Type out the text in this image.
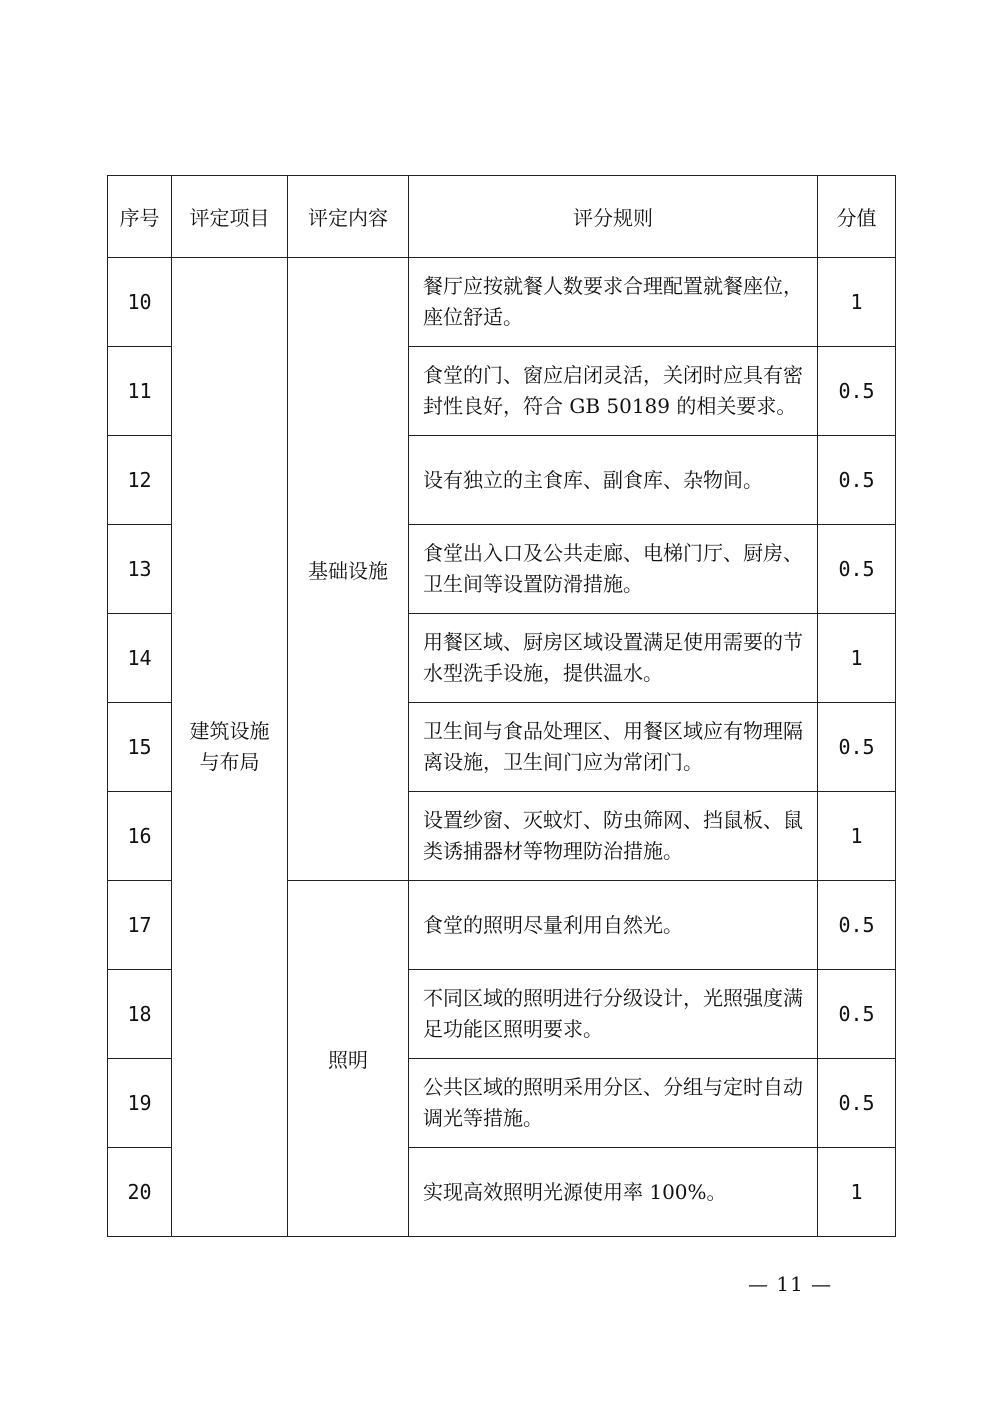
序号	评定项目	评定内容	评分规则	分值
10	建筑设施与布局	基础设施	餐厅应按就餐人数要求合理配置就餐座位，座位舒适。	1
11			食堂的门、窗应启闭灵活，关闭时应具有密封性良好，符合 GB 50189 的相关要求。	0.5
12			设有独立的主食库、副食库、杂物间。	0.5
13			食堂出入口及公共走廊、电梯门厅、厨房、卫生间等设置防滑措施。	0.5
14			用餐区域、厨房区域设置满足使用需要的节水型洗手设施，提供温水。	1
15			卫生间与食品处理区、用餐区域应有物理隔离设施，卫生间门应为常闭门。	0.5
16			设置纱窗、灭蚊灯、防虫筛网、挡鼠板、鼠类诱捕器材等物理防治措施。	1
17		照明	食堂的照明尽量利用自然光。	0.5
18			不同区域的照明进行分级设计，光照强度满足功能区照明要求。	0.5
19			公共区域的照明采用分区、分组与定时自动调光等措施。	0.5
20			实现高效照明光源使用率 100%。	1
— 11 —
